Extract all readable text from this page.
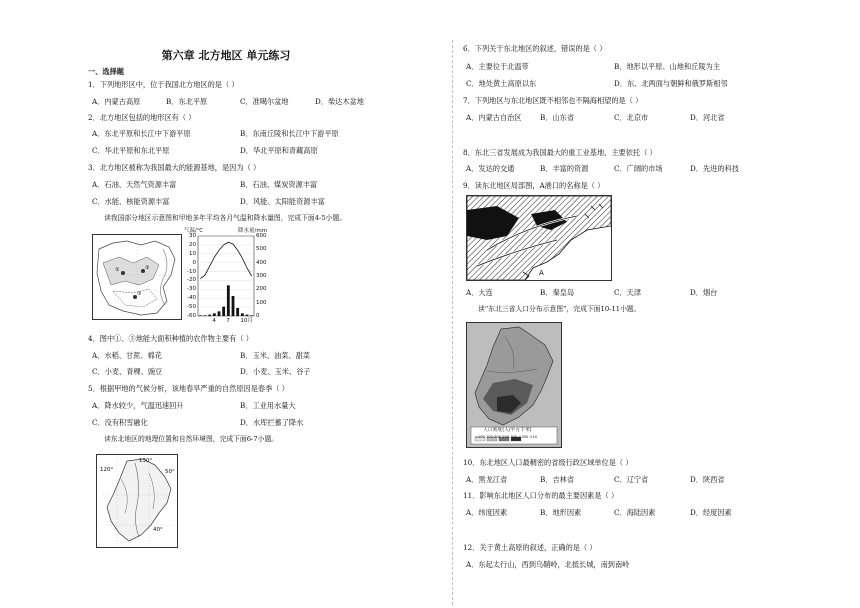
第六章 北方地区 单元练习
一、选择题
1．下列地形区中，位于我国北方地区的是（ ）
A．内蒙古高原	B．东北平原	C．准噶尔盆地	D．柴达木盆地
2．北方地区包括的地形区有（ ）
A．东北平原和长江中下游平原	B．东南丘陵和长江中下游平原
C．华北平原和东北平原	D．华北平原和青藏高原
3．北方地区被称为我国最大的能源基地，是因为（ ）
A．石油、天然气资源丰富	B．石油、煤炭资源丰富
C．水能、核能资源丰富	D．风能、太阳能资源丰富
读我国部分地区示意图和甲地多年平均各月气温和降水量图，完成下面4-5小题。
①	②
③
气温/℃	降水量/mm
30
20
10
0
-10
-20
-30
-40
-50
-60
600
500
400
300
200
100
0
4 7 10月
4．图中①、③地能大面积种植的农作物主要有（ ）
A．水稻、甘蔗、棉花	B．玉米、油菜、甜菜
C．小麦、青稞、豌豆	D．小麦、玉米、谷子
5．根据甲地的气候分析，该地春旱严重的自然原因是春季（ ）
A．降水较少，气温迅速回升	B．工业用水量大
C．没有积雪融化	D．水库拦蓄了降水
读东北地区的地理位置和自然环境图，完成下面6-7小题。
120°
130°
50°
40°
6．下列关于东北地区的叙述，错误的是（ ）
A．主要位于北温带	B．地形以平原、山地和丘陵为主
C．地处黄土高原以东	D．东、北两面与朝鲜和俄罗斯相邻
7．下列地区与东北地区既不相邻也不隔海相望的是（ ）
A．内蒙古自治区	B．山东省	C．北京市	D．河北省
8．东北三省发展成为我国最大的重工业基地，主要依托（ ）
A．发达的交通	B．丰富的资源	C．广阔的市场	D．先进的科技
9．读东北地区局部图，A港口的名称是（ ）
A
A．大连	B．秦皇岛	C．天津	D．烟台
读“东北三省人口分布示意图”，完成下面10-11小题。
人口密度(人/平方千米)
<100 100-200 200-300 >300 <10
10．东北地区人口最稠密的省级行政区域单位是（ ）
A．黑龙江省	B．吉林省	C．辽宁省	D．陕西省
11．影响东北地区人口分布的最主要因素是（ ）
A．纬度因素	B．地形因素	C．海陆因素	D．经度因素
12．关于黄土高原的叙述，正确的是（ ）
A．东起太行山，西到乌鞘岭，北抵长城，南到南岭
